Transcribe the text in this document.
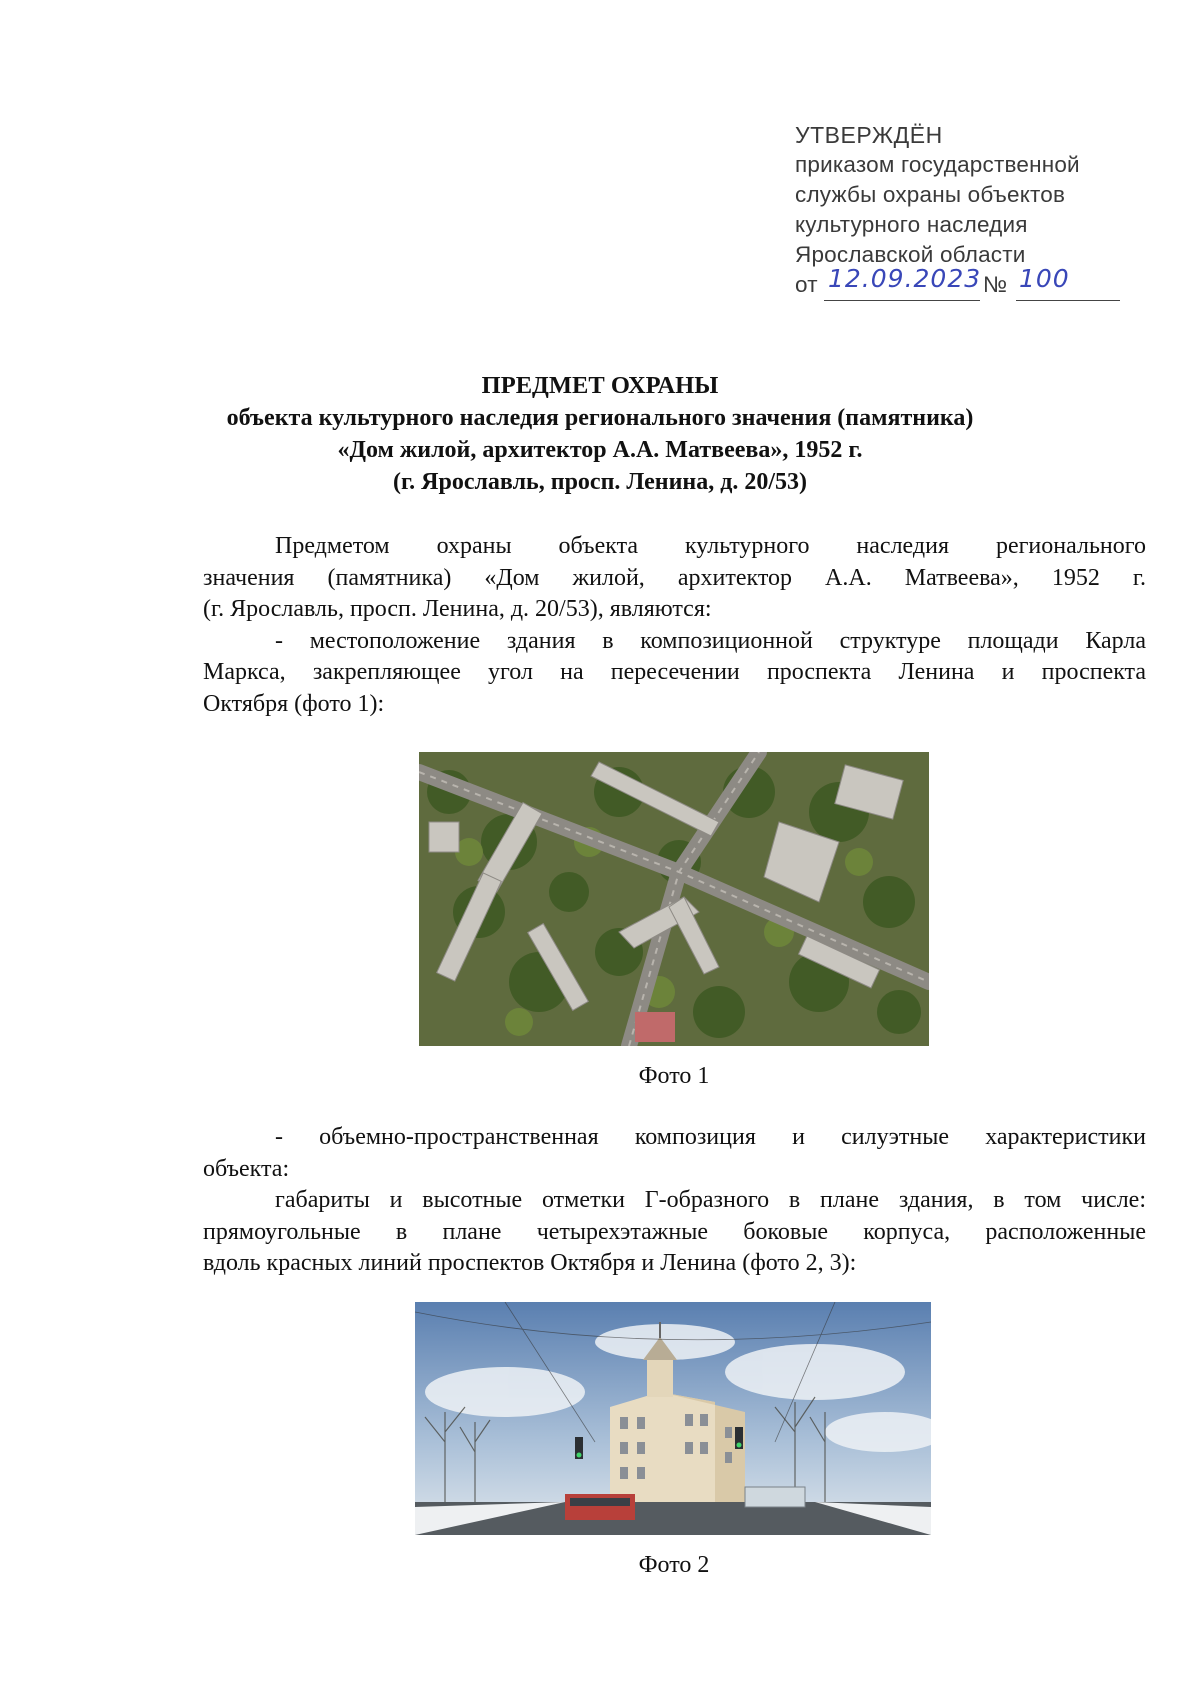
УТВЕРЖДЁН
приказом государственной
службы охраны объектов
культурного наследия
Ярославской области
от 12.09.2023 № 100
ПРЕДМЕТ ОХРАНЫ
объекта культурного наследия регионального значения (памятника)
«Дом жилой, архитектор А.А. Матвеева», 1952 г.
(г. Ярославль, просп. Ленина, д. 20/53)
Предметом охраны объекта культурного наследия регионального
значения (памятника) «Дом жилой, архитектор А.А. Матвеева», 1952 г.
(г. Ярославль, просп. Ленина, д. 20/53), являются:
- местоположение здания в композиционной структуре площади Карла
Маркса, закрепляющее угол на пересечении проспекта Ленина и проспекта
Октября (фото 1):
Фото 1
- объемно-пространственная композиция и силуэтные характеристики
объекта:
габариты и высотные отметки Г-образного в плане здания, в том числе:
прямоугольные в плане четырехэтажные боковые корпуса, расположенные
вдоль красных линий проспектов Октября и Ленина (фото 2, 3):
Фото 2
